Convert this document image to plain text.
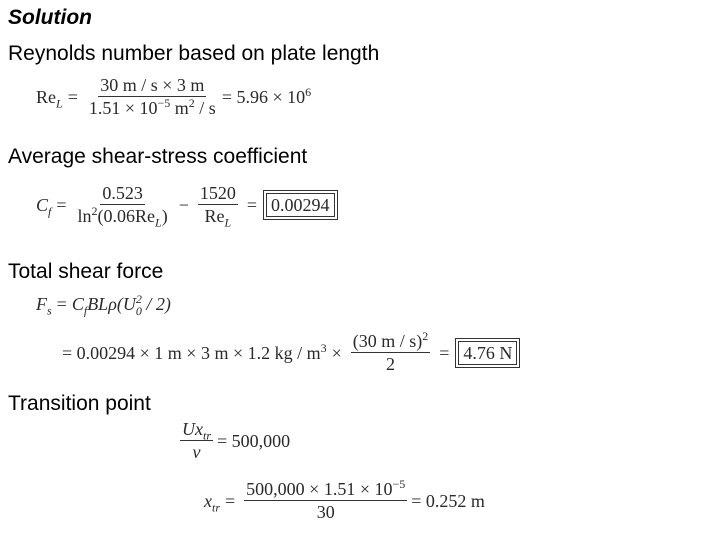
Solution
Reynolds number based on plate length
Average shear-stress coefficient
Total shear force
Transition point
$Re_L = \frac{30 m / s \times 3 m}{1.51 \times 10^{-5} m^2 / s} = 5.96 \times 10^6$
$C_f = \frac{0.523}{\ln^2(0.06Re_L)} - \frac{1520}{Re_L} = 0.00294$
$F_s = C_fBL\rho(U_0^2 / 2)$
= 0.00294 × 1 m × 3 m × 1.2 kg / $m^3 \times \frac{(30 m / s)^2}{2} = 4.76$ N
$\frac{Ux_{tr}}{\nu} = 500,000$
$x_{tr} = \frac{500,000 \times 1.51 \times 10^{-5}}{30} = 0.252$ m
